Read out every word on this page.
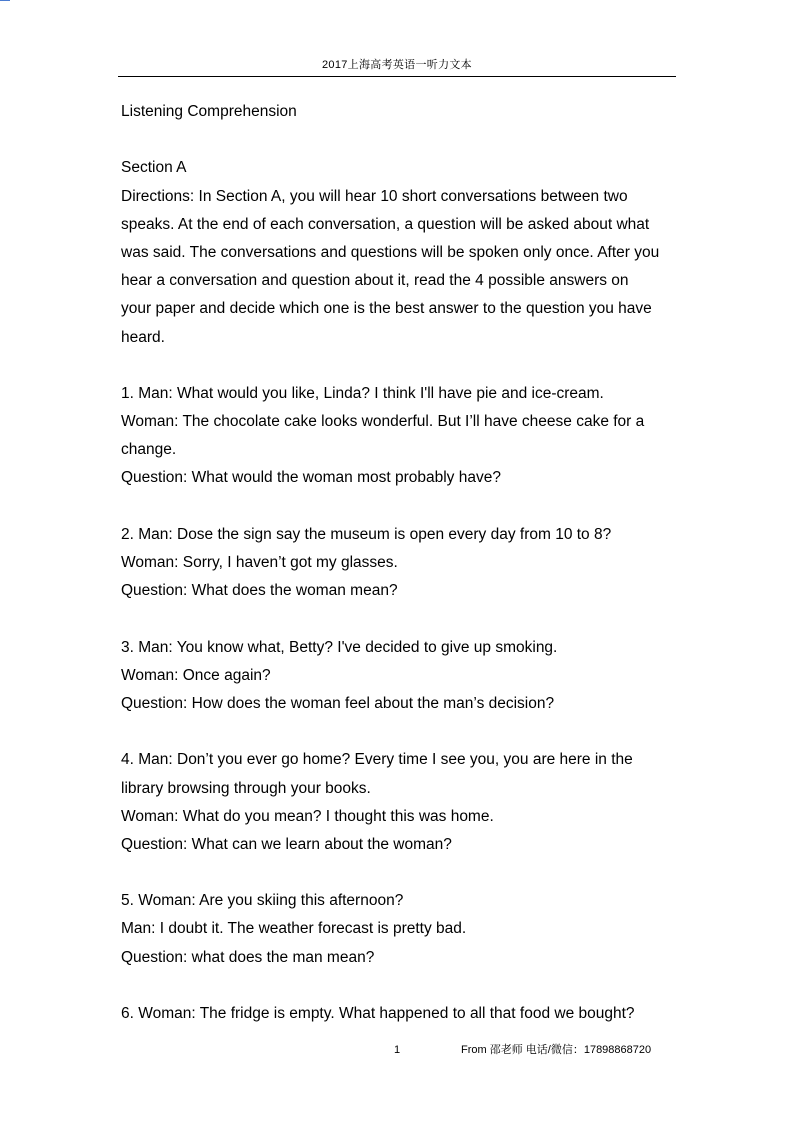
2017上海高考英语一听力文本
Listening Comprehension
Section A
Directions: In Section A, you will hear 10 short conversations between two
speaks. At the end of each conversation, a question will be asked about what
was said. The conversations and questions will be spoken only once. After you
hear a conversation and question about it, read the 4 possible answers on
your paper and decide which one is the best answer to the question you have
heard.
1. Man: What would you like, Linda? I think I'll have pie and ice-cream.
Woman: The chocolate cake looks wonderful. But I’ll have cheese cake for a
change.
Question: What would the woman most probably have?
2. Man: Dose the sign say the museum is open every day from 10 to 8?
Woman: Sorry, I haven’t got my glasses.
Question: What does the woman mean?
3. Man: You know what, Betty? I've decided to give up smoking.
Woman: Once again?
Question: How does the woman feel about the man’s decision?
4. Man: Don’t you ever go home? Every time I see you, you are here in the
library browsing through your books.
Woman: What do you mean? I thought this was home.
Question: What can we learn about the woman?
5. Woman: Are you skiing this afternoon?
Man: I doubt it. The weather forecast is pretty bad.
Question: what does the man mean?
6. Woman: The fridge is empty. What happened to all that food we bought?
1	From 邵老师 电话/微信：17898868720
